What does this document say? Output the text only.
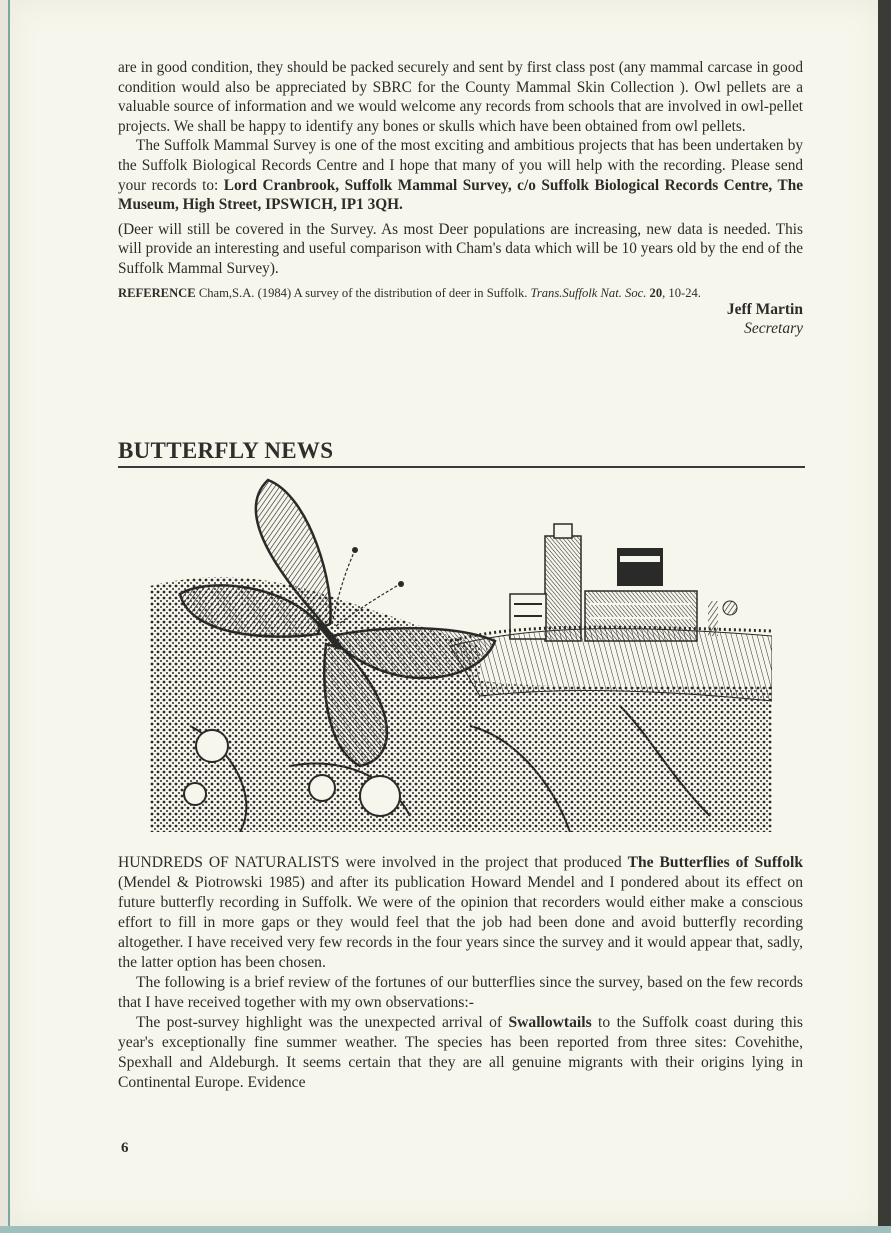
are in good condition, they should be packed securely and sent by first class post (any mammal carcase in good condition would also be appreciated by SBRC for the County Mammal Skin Collection ). Owl pellets are a valuable source of information and we would welcome any records from schools that are involved in owl-pellet projects. We shall be happy to identify any bones or skulls which have been obtained from owl pellets.

The Suffolk Mammal Survey is one of the most exciting and ambitious projects that has been undertaken by the Suffolk Biological Records Centre and I hope that many of you will help with the recording. Please send your records to: Lord Cranbrook, Suffolk Mammal Survey, c/o Suffolk Biological Records Centre, The Museum, High Street, IPSWICH, IP1 3QH.

(Deer will still be covered in the Survey. As most Deer populations are increasing, new data is needed. This will provide an interesting and useful comparison with Cham's data which will be 10 years old by the end of the Suffolk Mammal Survey).

REFERENCE Cham,S.A. (1984) A survey of the distribution of deer in Suffolk. Trans.Suffolk Nat. Soc. 20, 10-24.

Jeff Martin
Secretary
BUTTERFLY NEWS

HUNDREDS OF NATURALISTS were involved in the project that produced The Butterflies of Suffolk (Mendel & Piotrowski 1985) and after its publication Howard Mendel and I pondered about its effect on future butterfly recording in Suffolk. We were of the opinion that recorders would either make a conscious effort to fill in more gaps or they would feel that the job had been done and avoid butterfly recording altogether. I have received very few records in the four years since the survey and it would appear that, sadly, the latter option has been chosen.

The following is a brief review of the fortunes of our butterflies since the survey, based on the few records that I have received together with my own observations:-

The post-survey highlight was the unexpected arrival of Swallowtails to the Suffolk coast during this year's exceptionally fine summer weather. The species has been reported from three sites: Covehithe, Spexhall and Aldeburgh. It seems certain that they are all genuine migrants with their origins lying in Continental Europe. Evidence

6
